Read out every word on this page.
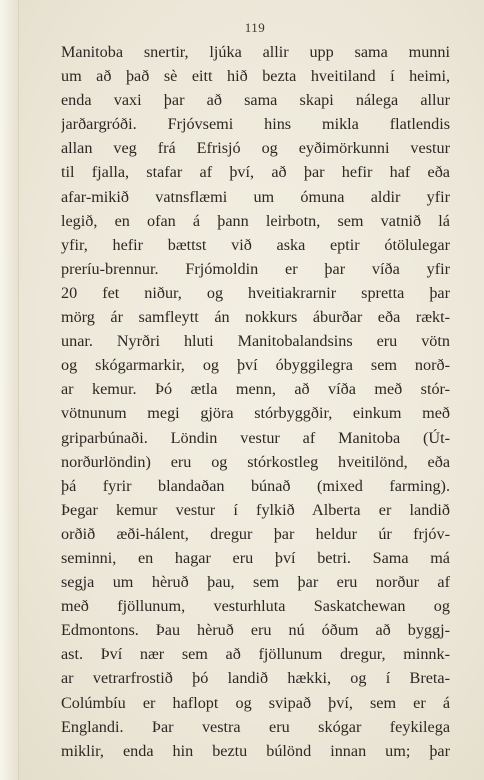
119
Manitoba snertir, ljúka allir upp sama munni
um að það sè eitt hið bezta hveitiland í heimi,
enda vaxi þar að sama skapi nálega allur
jarðargróði. Frjóvsemi hins mikla flatlendis
allan veg frá Efrisjó og eyðimörkunni vestur
til fjalla, stafar af því, að þar hefir haf eða
afar-mikið vatnsflæmi um ómuna aldir yfir
legið, en ofan á þann leirbotn, sem vatnið lá
yfir, hefir bættst við aska eptir ótölulegar
preríu-brennur. Frjómoldin er þar víða yfir
20 fet niður, og hveitiakrarnir spretta þar
mörg ár samfleytt án nokkurs áburðar eða rækt-
unar. Nyrðri hluti Manitobalandsins eru vötn
og skógarmarkir, og því óbyggilegra sem norð-
ar kemur. Þó ætla menn, að víða með stór-
vötnunum megi gjöra stórbyggðir, einkum með
griparbúnaði. Löndin vestur af Manitoba (Út-
norðurlöndin) eru og stórkostleg hveitilönd, eða
þá fyrir blandaðan búnað (mixed farming).
Þegar kemur vestur í fylkið Alberta er landið
orðið æði-hálent, dregur þar heldur úr frjóv-
seminni, en hagar eru því betri. Sama má
segja um hèruð þau, sem þar eru norður af
með fjöllunum, vesturhluta Saskatchewan og
Edmontons. Þau hèruð eru nú óðum að byggj-
ast. Því nær sem að fjöllunum dregur, minnk-
ar vetrarfrostið þó landið hækki, og í Breta-
Colúmbíu er haflopt og svipað því, sem er á
Englandi. Þar vestra eru skógar feykilega
miklir, enda hin beztu búlönd innan um; þar
